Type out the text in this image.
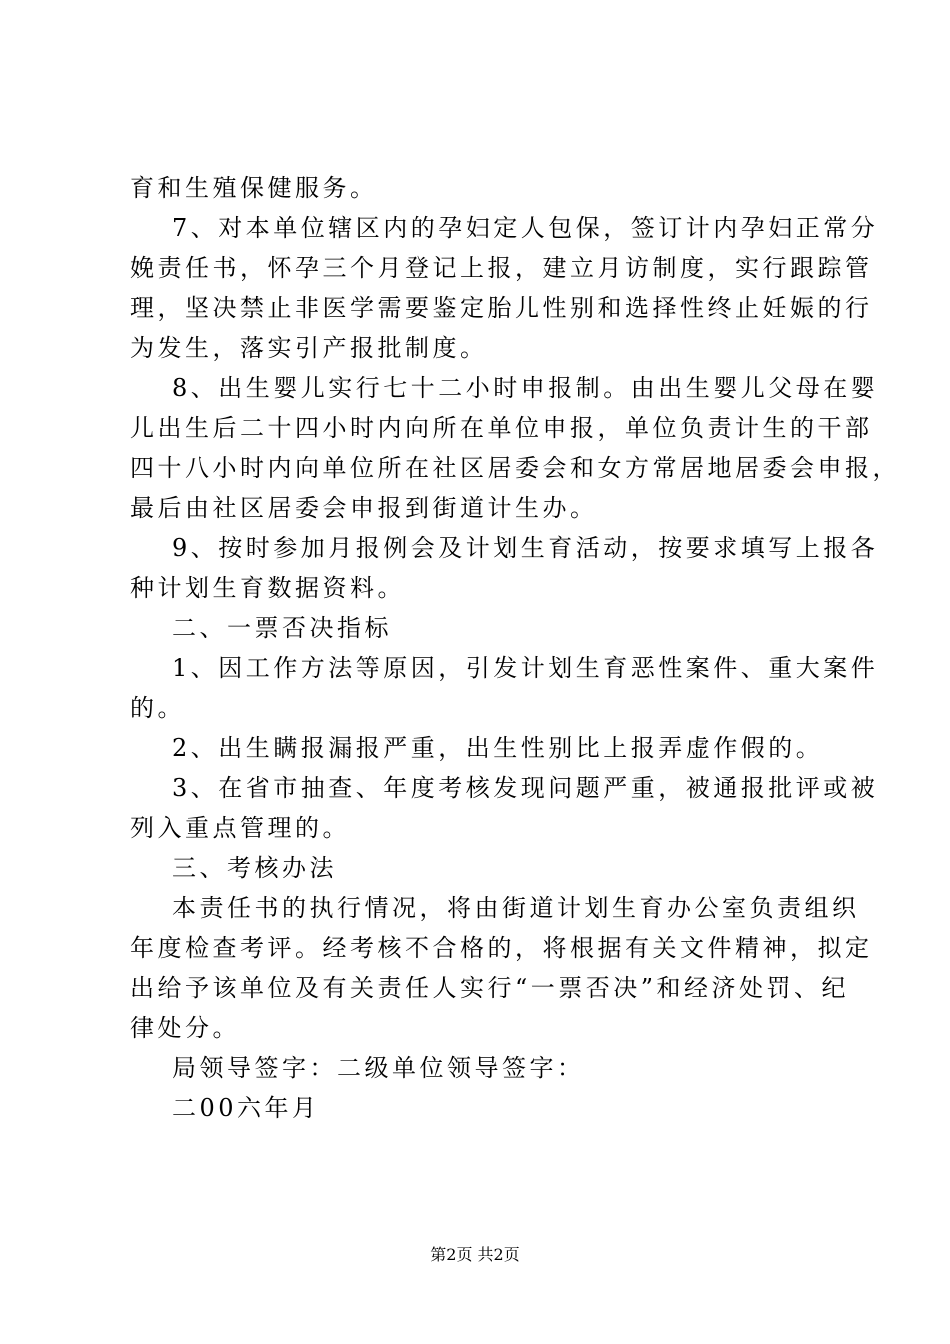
育和生殖保健服务。
7、对本单位辖区内的孕妇定人包保，签订计内孕妇正常分
娩责任书，怀孕三个月登记上报，建立月访制度，实行跟踪管
理，坚决禁止非医学需要鉴定胎儿性别和选择性终止妊娠的行
为发生，落实引产报批制度。
8、出生婴儿实行七十二小时申报制。由出生婴儿父母在婴
儿出生后二十四小时内向所在单位申报，单位负责计生的干部
四十八小时内向单位所在社区居委会和女方常居地居委会申报，
最后由社区居委会申报到街道计生办。
9、按时参加月报例会及计划生育活动，按要求填写上报各
种计划生育数据资料。
二、一票否决指标
1、因工作方法等原因，引发计划生育恶性案件、重大案件
的。
2、出生瞒报漏报严重，出生性别比上报弄虚作假的。
3、在省市抽查、年度考核发现问题严重，被通报批评或被
列入重点管理的。
三、考核办法
本责任书的执行情况，将由街道计划生育办公室负责组织
年度检查考评。经考核不合格的，将根据有关文件精神，拟定
出给予该单位及有关责任人实行“一票否决”和经济处罚、纪
律处分。
局领导签字：二级单位领导签字：
二00六年月
第2页 共2页
